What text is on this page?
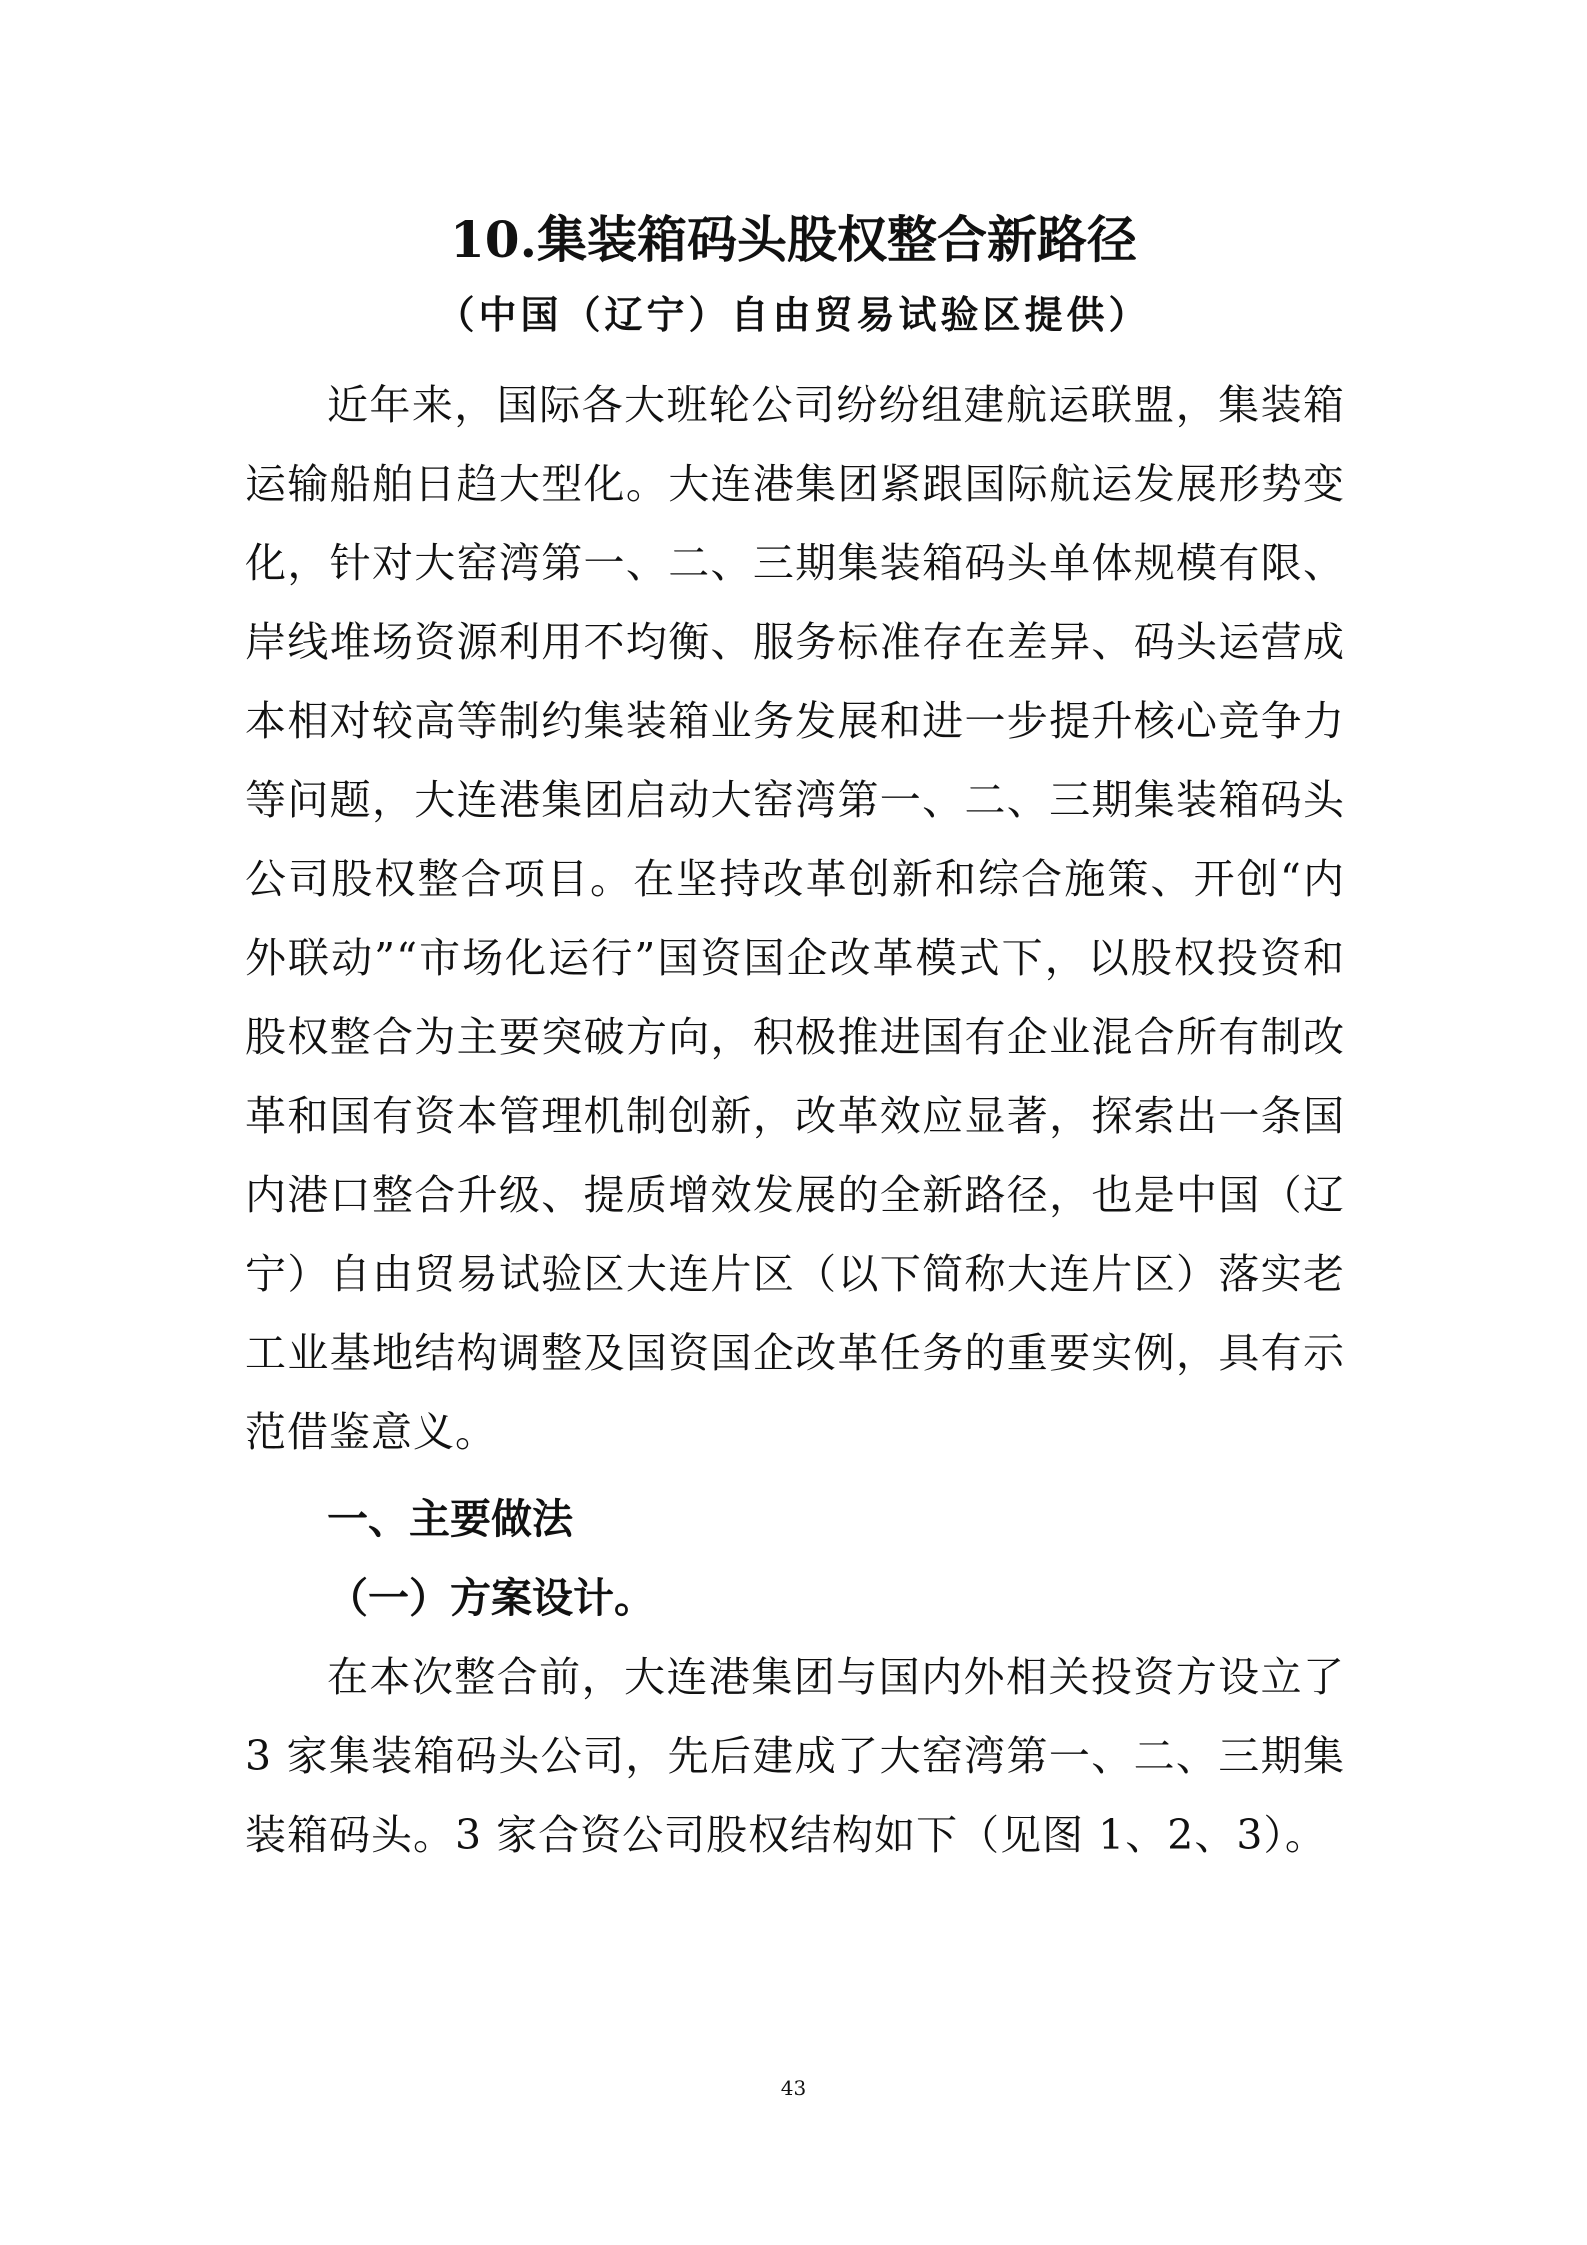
10.集装箱码头股权整合新路径
（中国（辽宁）自由贸易试验区提供）

近年来，国际各大班轮公司纷纷组建航运联盟，集装箱运输船舶日趋大型化。大连港集团紧跟国际航运发展形势变化，针对大窑湾第一、二、三期集装箱码头单体规模有限、岸线堆场资源利用不均衡、服务标准存在差异、码头运营成本相对较高等制约集装箱业务发展和进一步提升核心竞争力等问题，大连港集团启动大窑湾第一、二、三期集装箱码头公司股权整合项目。在坚持改革创新和综合施策、开创“内外联动”“市场化运行”国资国企改革模式下，以股权投资和股权整合为主要突破方向，积极推进国有企业混合所有制改革和国有资本管理机制创新，改革效应显著，探索出一条国内港口整合升级、提质增效发展的全新路径，也是中国（辽宁）自由贸易试验区大连片区（以下简称大连片区）落实老工业基地结构调整及国资国企改革任务的重要实例，具有示范借鉴意义。

一、主要做法
（一）方案设计。

在本次整合前，大连港集团与国内外相关投资方设立了 3 家集装箱码头公司，先后建成了大窑湾第一、二、三期集装箱码头。3 家合资公司股权结构如下（见图 1、2、3）。

43
